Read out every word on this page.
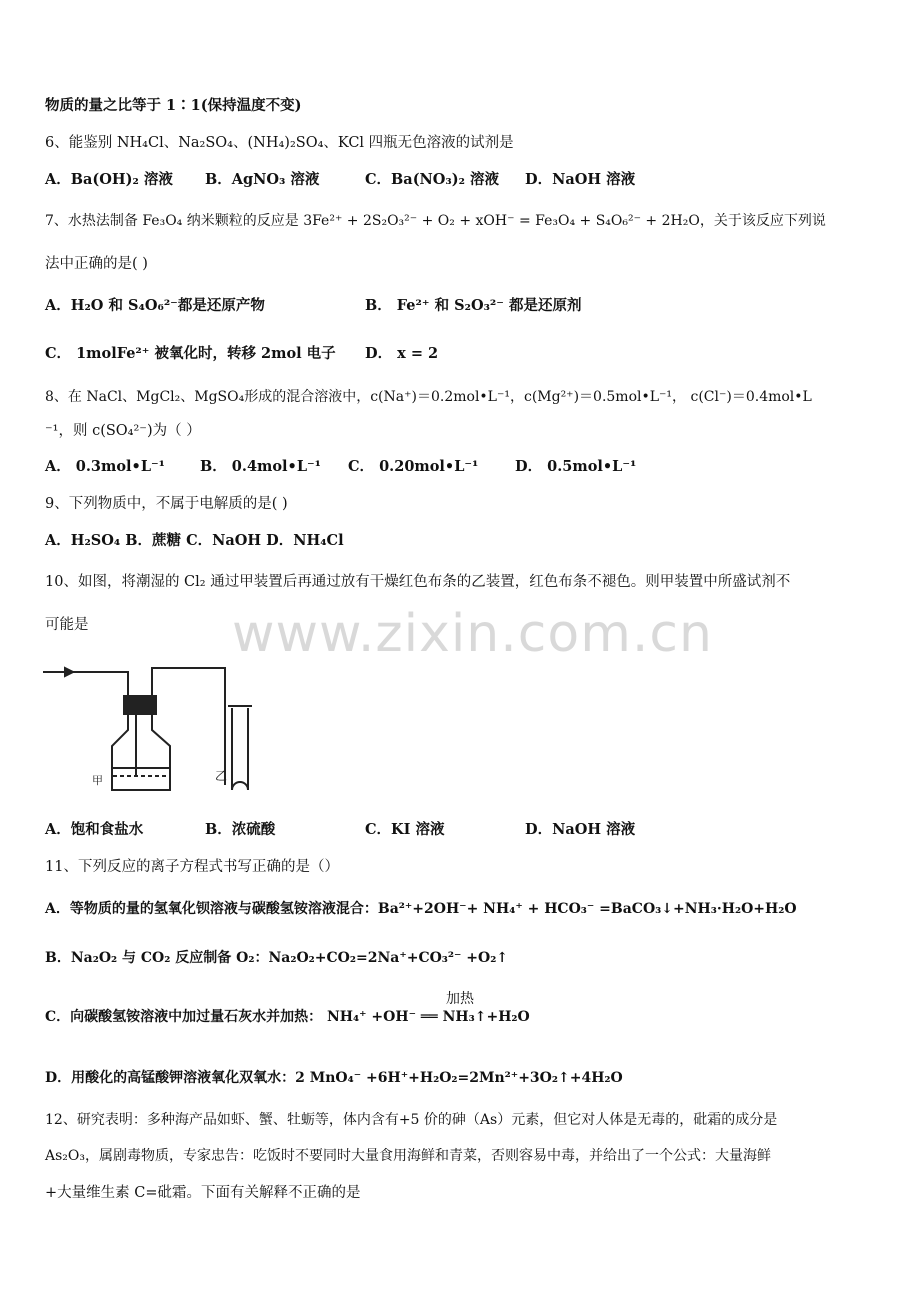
www.zixin.com.cn
物质的量之比等于 1∶1(保持温度不变)
6、能鉴别 NH₄Cl、Na₂SO₄、(NH₄)₂SO₄、KCl 四瓶无色溶液的试剂是
A．Ba(OH)₂ 溶液 B．AgNO₃ 溶液	C．Ba(NO₃)₂ 溶液 D．NaOH 溶液
7、水热法制备 Fe₃O₄ 纳米颗粒的反应是 3Fe²⁺ + 2S₂O₃²⁻ + O₂ + xOH⁻ = Fe₃O₄ + S₄O₆²⁻ + 2H₂O，关于该反应下列说
法中正确的是( )
A．H₂O 和 S₄O₆²⁻都是还原产物	B． Fe²⁺ 和 S₂O₃²⁻ 都是还原剂
C． 1molFe²⁺ 被氧化时，转移 2mol 电子 D． x = 2
8、在 NaCl、MgCl₂、MgSO₄形成的混合溶液中，c(Na⁺)＝0.2mol•L⁻¹，c(Mg²⁺)＝0.5mol•L⁻¹， c(Cl⁻)＝0.4mol•L
⁻¹，则 c(SO₄²⁻)为（ ）
A． 0.3mol•L⁻¹ B． 0.4mol•L⁻¹ C． 0.20mol•L⁻¹	D． 0.5mol•L⁻¹
9、下列物质中，不属于电解质的是( )
A．H₂SO₄ B．蔗糖 C．NaOH D．NH₄Cl
10、如图，将潮湿的 Cl₂ 通过甲装置后再通过放有干燥红色布条的乙装置，红色布条不褪色。则甲装置中所盛试剂不
可能是
甲	乙
A．饱和食盐水	B．浓硫酸	C．KI 溶液	D．NaOH 溶液
11、下列反应的离子方程式书写正确的是（）
A．等物质的量的氢氧化钡溶液与碳酸氢铵溶液混合：Ba²⁺+2OH⁻+ NH₄⁺ + HCO₃⁻ =BaCO₃↓+NH₃·H₂O+H₂O
B．Na₂O₂ 与 CO₂ 反应制备 O₂：Na₂O₂+CO₂=2Na⁺+CO₃²⁻ +O₂↑
加热
C．向碳酸氢铵溶液中加过量石灰水并加热： NH₄⁺ +OH⁻ ══ NH₃↑+H₂O
D．用酸化的高锰酸钾溶液氧化双氧水：2 MnO₄⁻ +6H⁺+H₂O₂=2Mn²⁺+3O₂↑+4H₂O
12、研究表明：多种海产品如虾、蟹、牡蛎等，体内含有+5 价的砷（As）元素，但它对人体是无毒的，砒霜的成分是
As₂O₃，属剧毒物质，专家忠告：吃饭时不要同时大量食用海鲜和青菜，否则容易中毒，并给出了一个公式：大量海鲜
+大量维生素 C=砒霜。下面有关解释不正确的是
